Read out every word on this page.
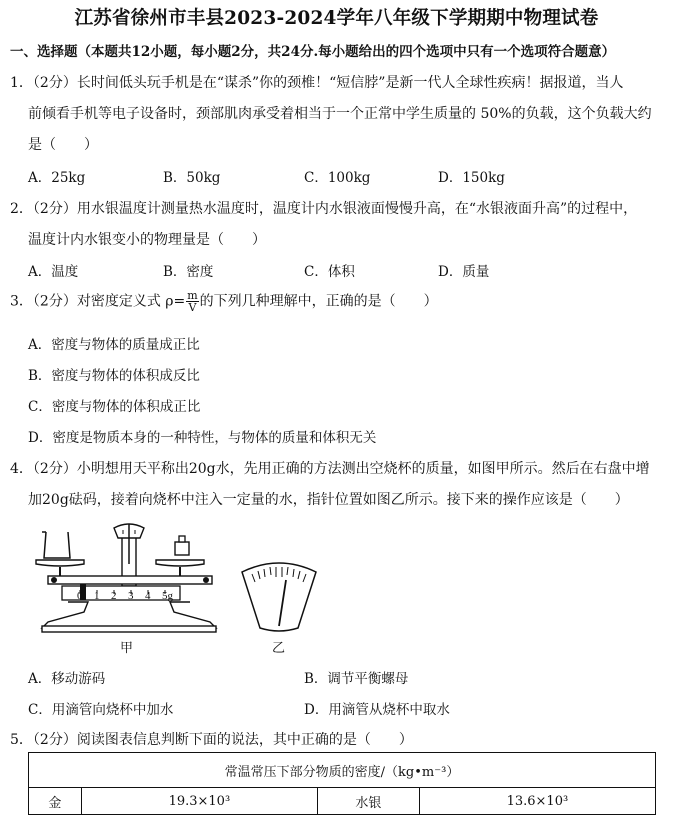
江苏省徐州市丰县2023-2024学年八年级下学期期中物理试卷
一、选择题（本题共12小题，每小题2分，共24分.每小题给出的四个选项中只有一个选项符合题意）
1．（2分）长时间低头玩手机是在“谋杀”你的颈椎！“短信脖”是新一代人全球性疾病！据报道，当人
前倾看手机等电子设备时，颈部肌肉承受着相当于一个正常中学生质量的 50%的负载，这个负载大约
是（　　）
A．25kg	B．50kg	C．100kg	D．150kg
2．（2分）用水银温度计测量热水温度时，温度计内水银液面慢慢升高，在“水银液面升高”的过程中，
温度计内水银变小的物理量是（　　）
A．温度	B．密度	C．体积	D．质量
3．（2分）对密度定义式 $\rho= \frac{m}{V}$ 的下列几种理解中，正确的是（　　）
A．密度与物体的质量成正比
B．密度与物体的体积成反比
C．密度与物体的体积成正比
D．密度是物质本身的一种特性，与物体的质量和体积无关
4．（2分）小明想用天平称出20g水，先用正确的方法测出空烧杯的质量，如图甲所示。然后在右盘中增
加20g砝码，接着向烧杯中注入一定量的水，指针位置如图乙所示。接下来的操作应该是（　　）
0 1 2 3 4 5g
甲	乙
A．移动游码	B．调节平衡螺母
C．用滴管向烧杯中加水	D．用滴管从烧杯中取水
5．（2分）阅读图表信息判断下面的说法，其中正确的是（　　）
常温常压下部分物质的密度/（kg•m⁻³）
金	19.3×10³	水银	13.6×10³
